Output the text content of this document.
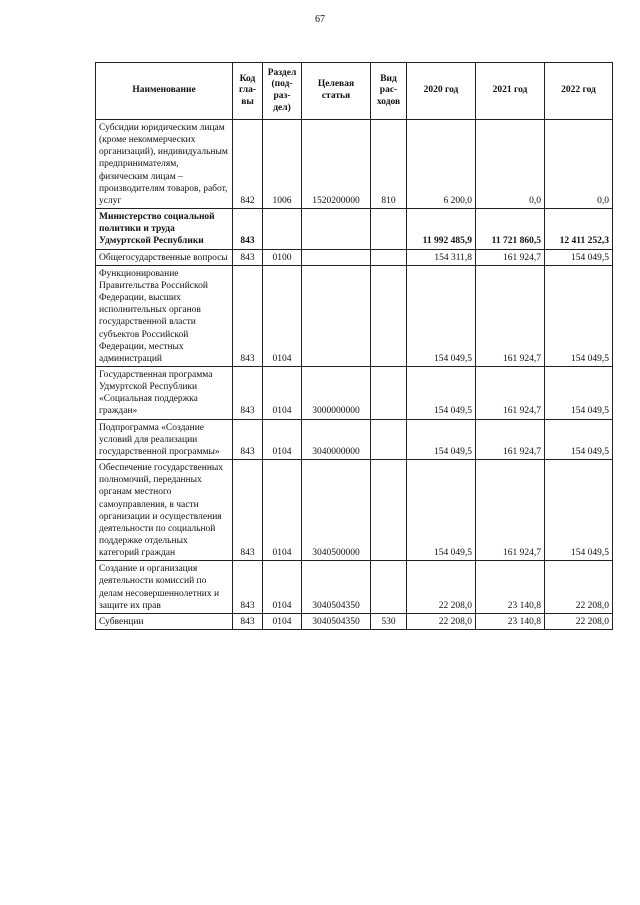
67
Наименование	Код гла- вы	Раздел (под- раз- дел)	Целевая статья	Вид рас- ходов	2020 год	2021 год	2022 год
Субсидии юридическим лицам (кроме некоммерческих организаций), индивидуальным предпринимателям, физическим лицам – производителям товаров, работ, услуг	842	1006	1520200000	810	6 200,0	0,0	0,0
Министерство социальной политики и труда Удмуртской Республики	843				11 992 485,9	11 721 860,5	12 411 252,3
Общегосударственные вопросы	843	0100			154 311,8	161 924,7	154 049,5
Функционирование Правительства Российской Федерации, высших исполнительных органов государственной власти субъектов Российской Федерации, местных администраций	843	0104			154 049,5	161 924,7	154 049,5
Государственная программа Удмуртской Республики «Социальная поддержка граждан»	843	0104	3000000000		154 049,5	161 924,7	154 049,5
Подпрограмма «Создание условий для реализации государственной программы»	843	0104	3040000000		154 049,5	161 924,7	154 049,5
Обеспечение государственных полномочий, переданных органам местного самоуправления, в части организации и осуществления деятельности по социальной поддержке отдельных категорий граждан	843	0104	3040500000		154 049,5	161 924,7	154 049,5
Создание и организация деятельности комиссий по делам несовершеннолетних и защите их прав	843	0104	3040504350		22 208,0	23 140,8	22 208,0
Субвенции	843	0104	3040504350	530	22 208,0	23 140,8	22 208,0
